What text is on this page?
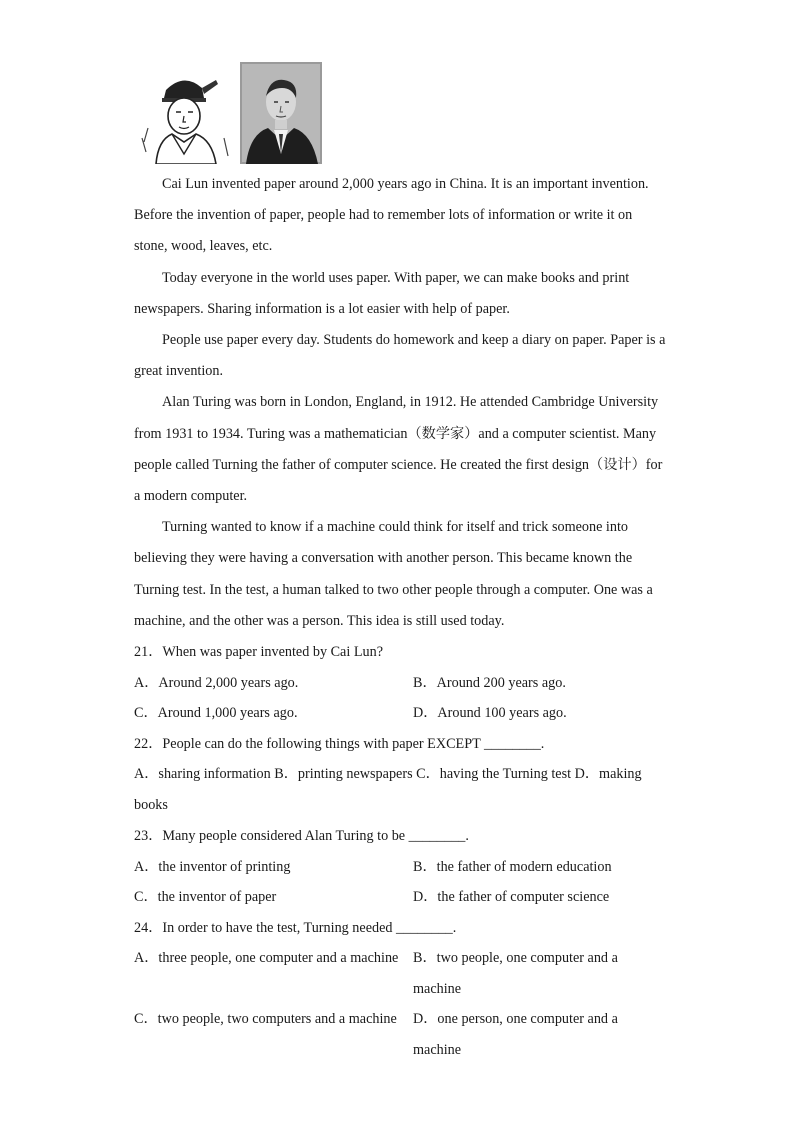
Cai Lun invented paper around 2,000 years ago in China. It is an important invention. Before the invention of paper, people had to remember lots of information or write it on stone, wood, leaves, etc.

Today everyone in the world uses paper. With paper, we can make books and print newspapers. Sharing information is a lot easier with help of paper.

People use paper every day. Students do homework and keep a diary on paper. Paper is a great invention.

Alan Turing was born in London, England, in 1912. He attended Cambridge University from 1931 to 1934. Turing was a mathematician（数学家）and a computer scientist. Many people called Turning the father of computer science. He created the first design（设计）for a modern computer.

Turning wanted to know if a machine could think for itself and trick someone into believing they were having a conversation with another person. This became known the Turning test. In the test, a human talked to two other people through a computer. One was a machine, and the other was a person. This idea is still used today.

21．When was paper invented by Cai Lun?

A．Around 2,000 years ago.	B．Around 200 years ago.
C．Around 1,000 years ago.	D．Around 100 years ago.

22．People can do the following things with paper EXCEPT ________.

A．sharing information B．printing newspapers C．having the Turning test D．making books

23．Many people considered Alan Turing to be ________.

A．the inventor of printing	B．the father of modern education
C．the inventor of paper	D．the father of computer science

24．In order to have the test, Turning needed ________.

A．three people, one computer and a machine	B．two people, one computer and a machine
C．two people, two computers and a machine	D．one person, one computer and a machine
